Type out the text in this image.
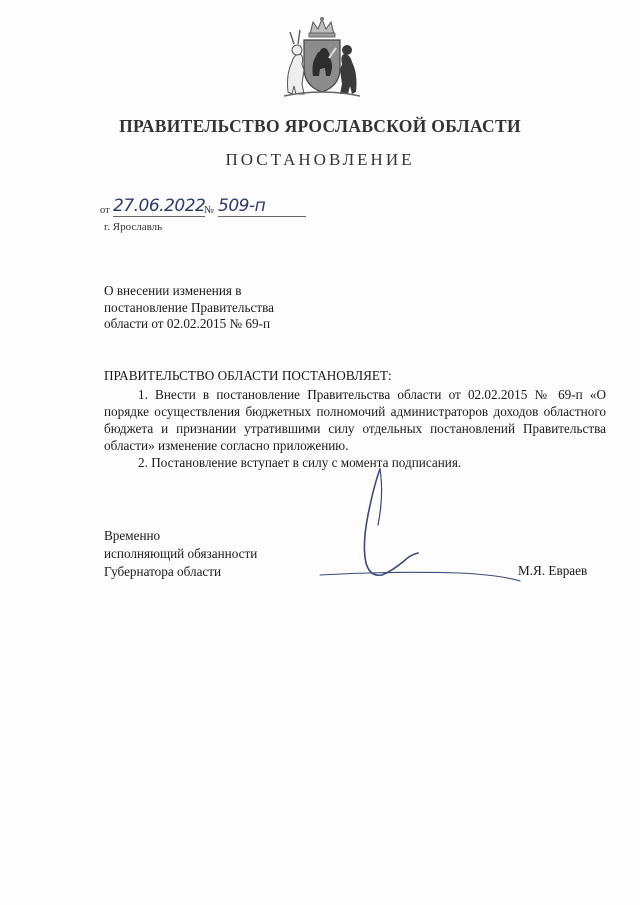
ПРАВИТЕЛЬСТВО ЯРОСЛАВСКОЙ ОБЛАСТИ
ПОСТАНОВЛЕНИЕ
от 27.06.2022
№ 509-п
г. Ярославль
О внесении изменения в
постановление Правительства
области от 02.02.2015 № 69-п
ПРАВИТЕЛЬСТВО ОБЛАСТИ ПОСТАНОВЛЯЕТ:

1. Внести в постановление Правительства области от 02.02.2015 № 69-п «О порядке осуществления бюджетных полномочий администраторов доходов областного бюджета и признании утратившими силу отдельных постановлений Правительства области» изменение согласно приложению.

2. Постановление вступает в силу с момента подписания.

Временно
исполняющий обязанности
Губернатора области	М.Я. Евраев
